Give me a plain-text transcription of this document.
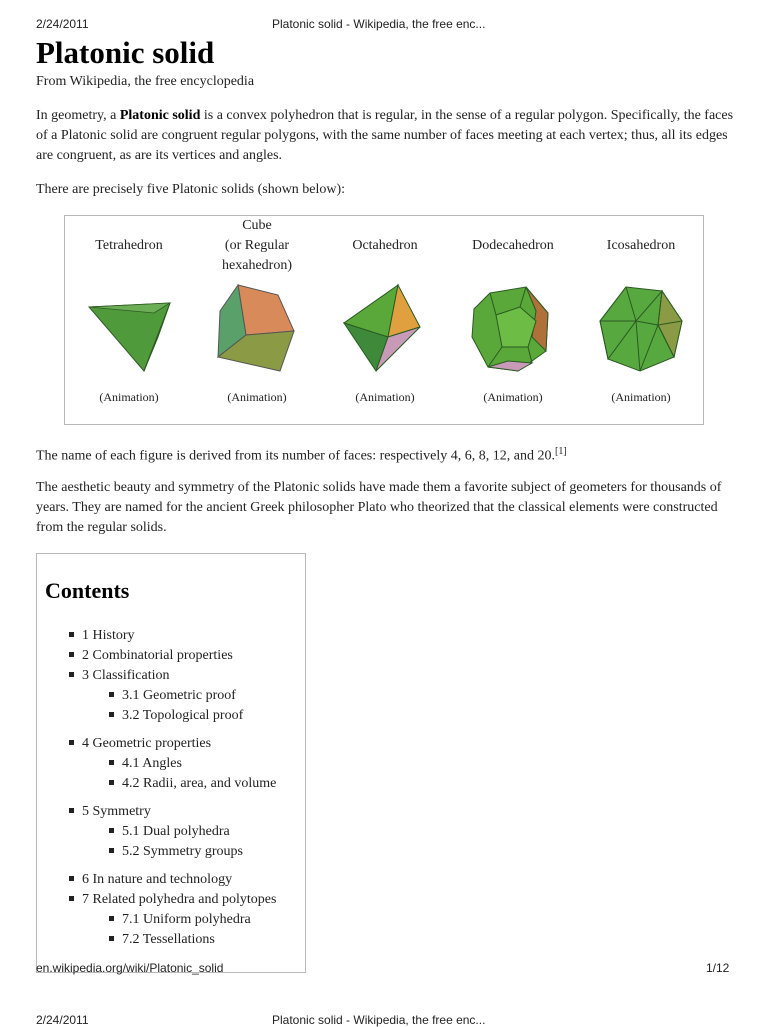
2/24/2011	Platonic solid - Wikipedia, the free enc...
Platonic solid

From Wikipedia, the free encyclopedia

In geometry, a Platonic solid is a convex polyhedron that is regular, in the sense of a regular polygon. Specifically, the faces of a Platonic solid are congruent regular polygons, with the same number of faces meeting at each vertex; thus, all its edges are congruent, as are its vertices and angles.

There are precisely five Platonic solids (shown below):

Tetrahedron
(Animation)
Cube
(or Regular
hexahedron)
(Animation)
Octahedron
(Animation)
Dodecahedron
(Animation)
Icosahedron
(Animation)

The name of each figure is derived from its number of faces: respectively 4, 6, 8, 12, and 20.[1]

The aesthetic beauty and symmetry of the Platonic solids have made them a favorite subject of geometers for thousands of years. They are named for the ancient Greek philosopher Plato who theorized that the classical elements were constructed from the regular solids.

Contents
1 History
2 Combinatorial properties
3 Classification
3.1 Geometric proof
3.2 Topological proof
4 Geometric properties
4.1 Angles
4.2 Radii, area, and volume
5 Symmetry
5.1 Dual polyhedra
5.2 Symmetry groups
6 In nature and technology
7 Related polyhedra and polytopes
7.1 Uniform polyhedra
7.2 Tessellations
en.wikipedia.org/wiki/Platonic_solid	1/12
2/24/2011	Platonic solid - Wikipedia, the free enc...
